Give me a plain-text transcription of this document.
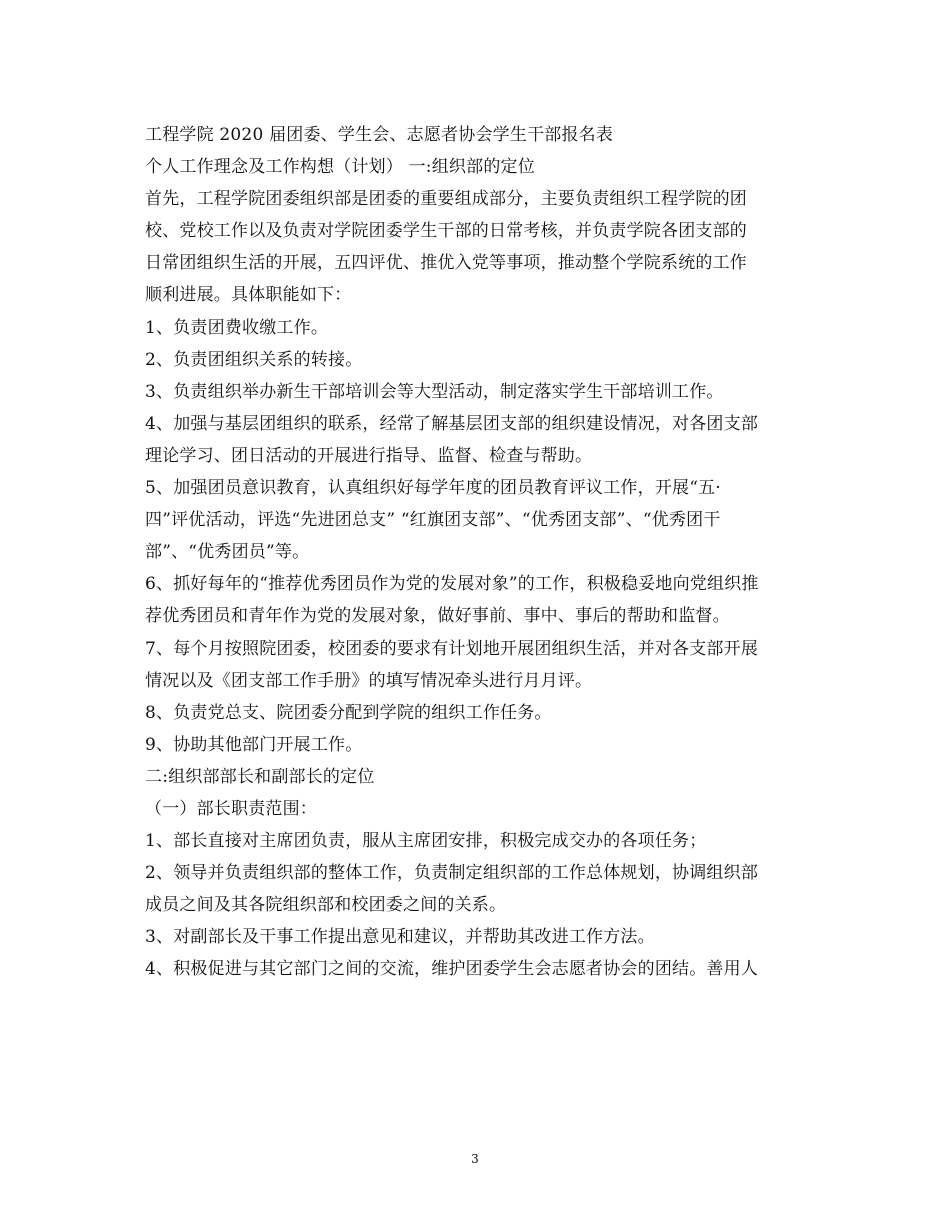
工程学院 2020 届团委、学生会、志愿者协会学生干部报名表
个人工作理念及工作构想（计划） 一:组织部的定位
首先，工程学院团委组织部是团委的重要组成部分，主要负责组织工程学院的团
校、党校工作以及负责对学院团委学生干部的日常考核，并负责学院各团支部的
日常团组织生活的开展，五四评优、推优入党等事项，推动整个学院系统的工作
顺利进展。具体职能如下：
1、负责团费收缴工作。
2、负责团组织关系的转接。
3、负责组织举办新生干部培训会等大型活动，制定落实学生干部培训工作。
4、加强与基层团组织的联系，经常了解基层团支部的组织建设情况，对各团支部
理论学习、团日活动的开展进行指导、监督、检查与帮助。
5、加强团员意识教育，认真组织好每学年度的团员教育评议工作，开展“五·
四”评优活动，评选“先进团总支” “红旗团支部”、“优秀团支部”、“优秀团干
部”、“优秀团员”等。
6、抓好每年的“推荐优秀团员作为党的发展对象”的工作，积极稳妥地向党组织推
荐优秀团员和青年作为党的发展对象，做好事前、事中、事后的帮助和监督。
7、每个月按照院团委，校团委的要求有计划地开展团组织生活，并对各支部开展
情况以及《团支部工作手册》的填写情况牵头进行月月评。
8、负责党总支、院团委分配到学院的组织工作任务。
9、协助其他部门开展工作。
二:组织部部长和副部长的定位
（一）部长职责范围：
1、部长直接对主席团负责，服从主席团安排，积极完成交办的各项任务；
2、领导并负责组织部的整体工作，负责制定组织部的工作总体规划，协调组织部
成员之间及其各院组织部和校团委之间的关系。
3、对副部长及干事工作提出意见和建议，并帮助其改进工作方法。
4、积极促进与其它部门之间的交流，维护团委学生会志愿者协会的团结。善用人
3
